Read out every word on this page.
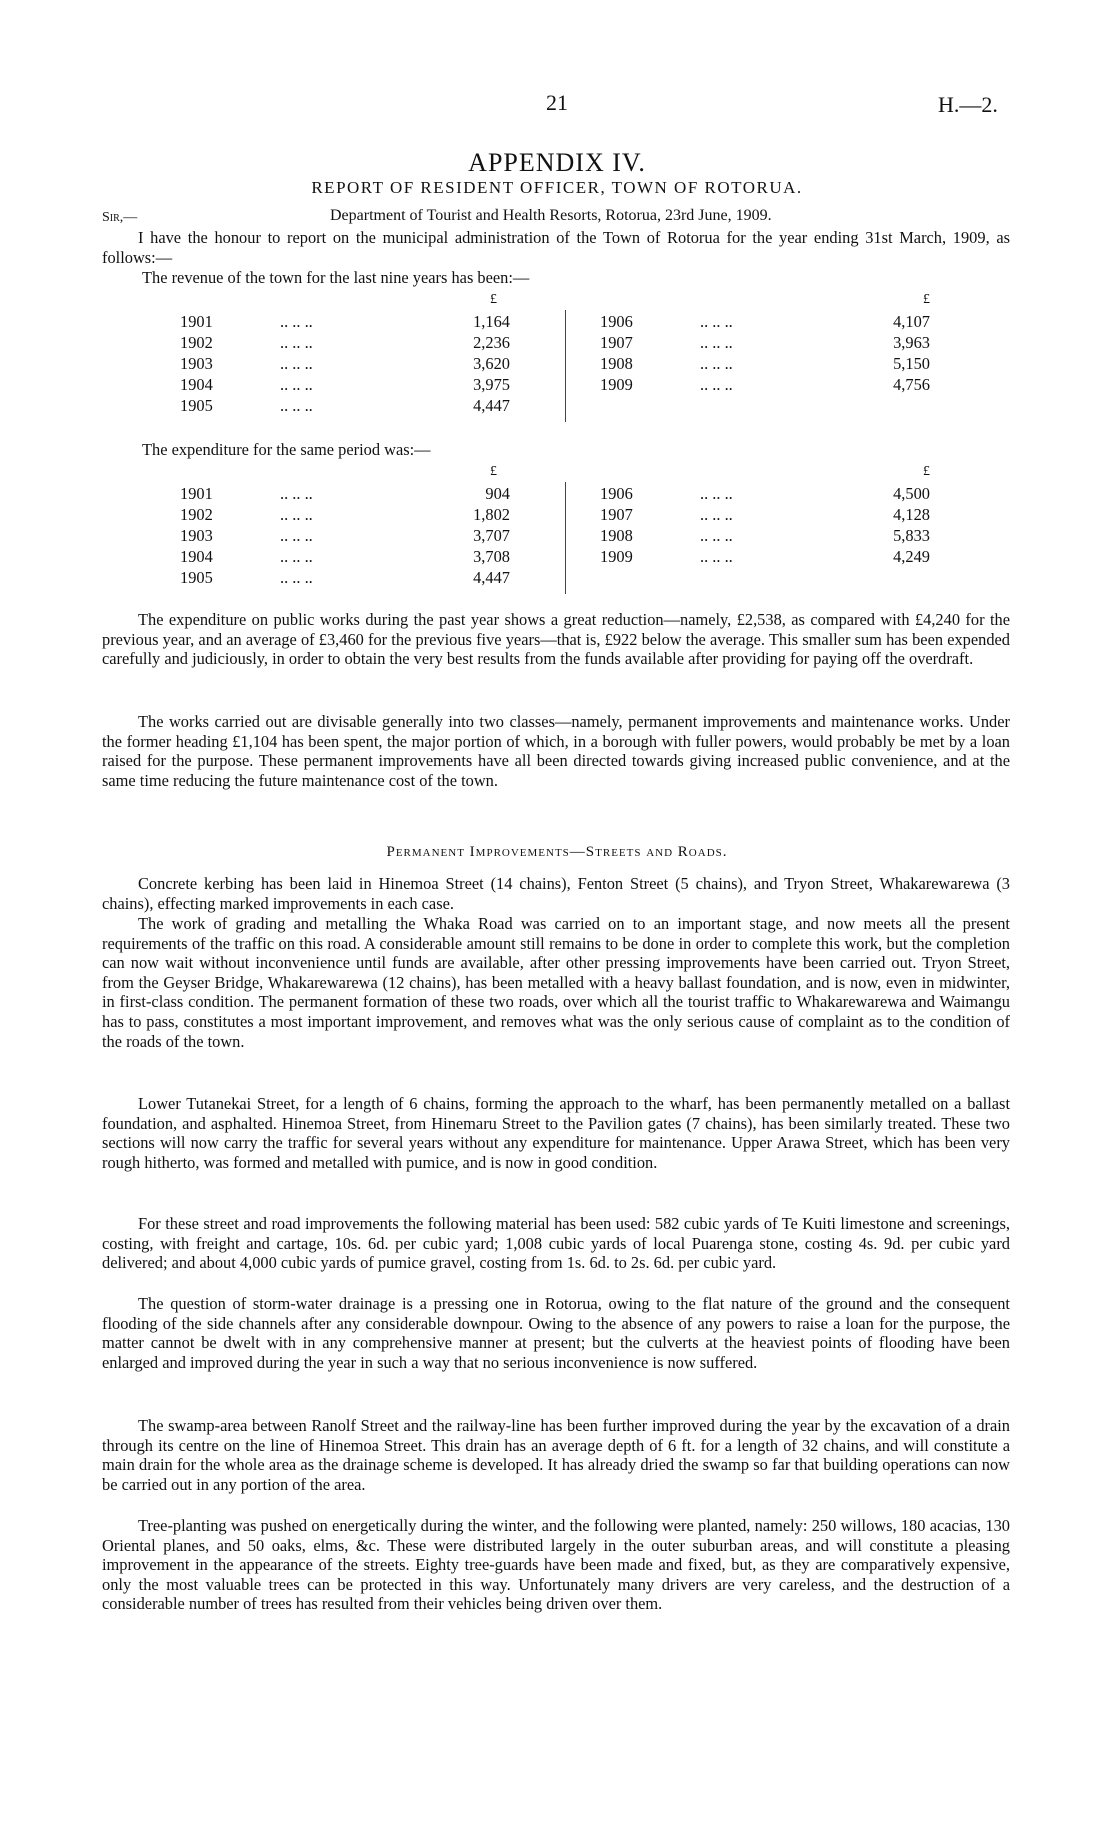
21	H.—2.
APPENDIX IV.
REPORT OF RESIDENT OFFICER, TOWN OF ROTORUA.
Sir,—	Department of Tourist and Health Resorts, Rotorua, 23rd June, 1909.
I have the honour to report on the municipal administration of the Town of Rotorua for the year ending 31st March, 1909, as follows:—
The revenue of the town for the last nine years has been:—
£
1901	.. .. ..	1,164
1902	.. .. ..	2,236
1903	.. .. ..	3,620
1904	.. .. ..	3,975
1905	.. .. ..	4,447
£
1906	.. .. ..	4,107
1907	.. .. ..	3,963
1908	.. .. ..	5,150
1909	.. .. ..	4,756
The expenditure for the same period was:—
£
1901	.. .. ..	904
1902	.. .. ..	1,802
1903	.. .. ..	3,707
1904	.. .. ..	3,708
1905	.. .. ..	4,447
£
1906	.. .. ..	4,500
1907	.. .. ..	4,128
1908	.. .. ..	5,833
1909	.. .. ..	4,249
The expenditure on public works during the past year shows a great reduction—namely, £2,538, as compared with £4,240 for the previous year, and an average of £3,460 for the previous five years—that is, £922 below the average. This smaller sum has been expended carefully and judiciously, in order to obtain the very best results from the funds available after providing for paying off the overdraft.
The works carried out are divisable generally into two classes—namely, permanent improvements and maintenance works. Under the former heading £1,104 has been spent, the major portion of which, in a borough with fuller powers, would probably be met by a loan raised for the purpose. These permanent improvements have all been directed towards giving increased public convenience, and at the same time reducing the future maintenance cost of the town.
Permanent Improvements—Streets and Roads.
Concrete kerbing has been laid in Hinemoa Street (14 chains), Fenton Street (5 chains), and Tryon Street, Whakarewarewa (3 chains), effecting marked improvements in each case.
The work of grading and metalling the Whaka Road was carried on to an important stage, and now meets all the present requirements of the traffic on this road. A considerable amount still remains to be done in order to complete this work, but the completion can now wait without inconvenience until funds are available, after other pressing improvements have been carried out. Tryon Street, from the Geyser Bridge, Whakarewarewa (12 chains), has been metalled with a heavy ballast foundation, and is now, even in midwinter, in first-class condition. The permanent formation of these two roads, over which all the tourist traffic to Whakarewarewa and Waimangu has to pass, constitutes a most important improvement, and removes what was the only serious cause of complaint as to the condition of the roads of the town.
Lower Tutanekai Street, for a length of 6 chains, forming the approach to the wharf, has been permanently metalled on a ballast foundation, and asphalted. Hinemoa Street, from Hinemaru Street to the Pavilion gates (7 chains), has been similarly treated. These two sections will now carry the traffic for several years without any expenditure for maintenance. Upper Arawa Street, which has been very rough hitherto, was formed and metalled with pumice, and is now in good condition.
For these street and road improvements the following material has been used: 582 cubic yards of Te Kuiti limestone and screenings, costing, with freight and cartage, 10s. 6d. per cubic yard; 1,008 cubic yards of local Puarenga stone, costing 4s. 9d. per cubic yard delivered; and about 4,000 cubic yards of pumice gravel, costing from 1s. 6d. to 2s. 6d. per cubic yard.
The question of storm-water drainage is a pressing one in Rotorua, owing to the flat nature of the ground and the consequent flooding of the side channels after any considerable downpour. Owing to the absence of any powers to raise a loan for the purpose, the matter cannot be dwelt with in any comprehensive manner at present; but the culverts at the heaviest points of flooding have been enlarged and improved during the year in such a way that no serious inconvenience is now suffered.
The swamp-area between Ranolf Street and the railway-line has been further improved during the year by the excavation of a drain through its centre on the line of Hinemoa Street. This drain has an average depth of 6 ft. for a length of 32 chains, and will constitute a main drain for the whole area as the drainage scheme is developed. It has already dried the swamp so far that building operations can now be carried out in any portion of the area.
Tree-planting was pushed on energetically during the winter, and the following were planted, namely: 250 willows, 180 acacias, 130 Oriental planes, and 50 oaks, elms, &c. These were distributed largely in the outer suburban areas, and will constitute a pleasing improvement in the appearance of the streets. Eighty tree-guards have been made and fixed, but, as they are comparatively expensive, only the most valuable trees can be protected in this way. Unfortunately many drivers are very careless, and the destruction of a considerable number of trees has resulted from their vehicles being driven over them.
